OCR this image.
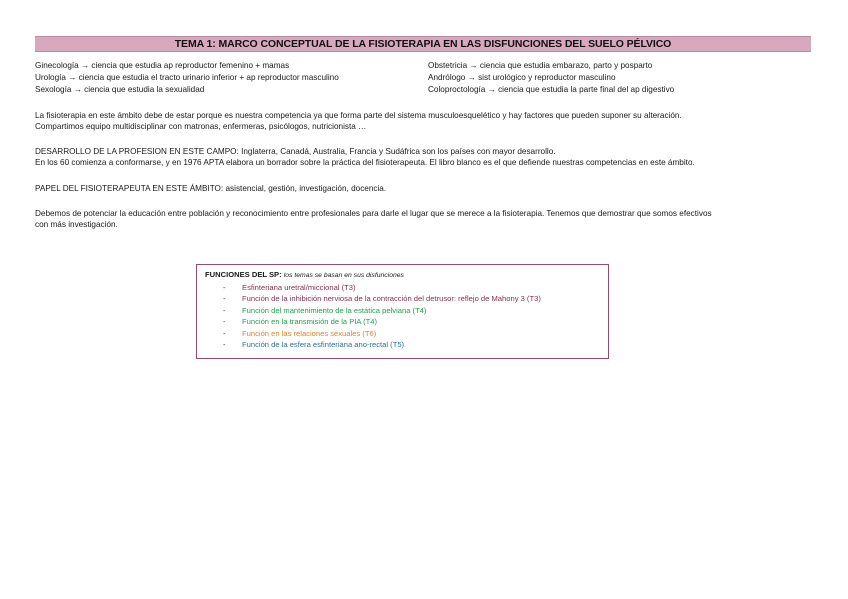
TEMA 1: MARCO CONCEPTUAL DE LA FISIOTERAPIA EN LAS DISFUNCIONES DEL SUELO PÉLVICO
Ginecología → ciencia que estudia ap reproductor femenino + mamas
Urología → ciencia que estudia el tracto urinario inferior + ap reproductor masculino
Sexología → ciencia que estudia la sexualidad
Obstetricia → ciencia que estudia embarazo, parto y posparto
Andrólogo → sist urológico y reproductor masculino
Coloproctología → ciencia que estudia la parte final del ap digestivo
La fisioterapia en este ámbito debe de estar porque es nuestra competencia ya que forma parte del sistema musculoesquelético y hay factores que pueden suponer su alteración.
Compartimos equipo multidisciplinar con matronas, enfermeras, psicólogos, nutricionista …
DESARROLLO DE LA PROFESION EN ESTE CAMPO: Inglaterra, Canadá, Australia, Francia y Sudáfrica son los países con mayor desarrollo.
En los 60 comienza a conformarse, y en 1976 APTA elabora un borrador sobre la práctica del fisioterapeuta. El libro blanco es el que defiende nuestras competencias en este ámbito.
PAPEL DEL FISIOTERAPEUTA EN ESTE ÁMBITO: asistencial, gestión, investigación, docencia.
Debemos de potenciar la educación entre población y reconocimiento entre profesionales para darle el lugar que se merece a la fisioterapia. Tenemos que demostrar que somos efectivos
con más investigación.
FUNCIONES DEL SP: los temas se basan en sus disfunciones
- Esfinteriana uretral/miccional (T3)
- Función de la inhibición nerviosa de la contracción del detrusor: reflejo de Mahony 3 (T3)
- Función del mantenimiento de la estática pelviana (T4)
- Función en la transmisión de la PIA (T4)
- Función en las relaciones sexuales (T6)
- Función de la esfera esfinteriana ano-rectal (T5)
